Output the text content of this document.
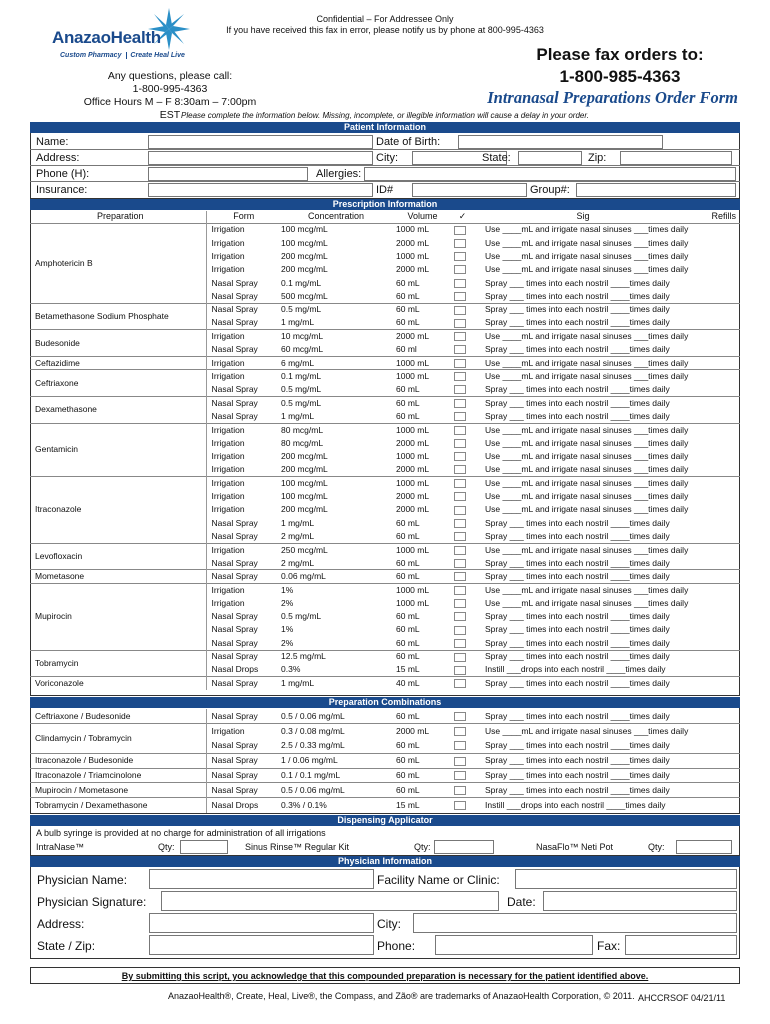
Confidential – For Addressee Only
If you have received this fax in error, please notify us by phone at 800-995-4363
AnazaoHealth
Custom Pharmacy Create Heal Live
Any questions, please call:
1-800-995-4363
Office Hours M – F 8:30am – 7:00pm EST
Please fax orders to:
1-800-985-4363
Intranasal Preparations Order Form
Please complete the information below. Missing, incomplete, or illegible information will cause a delay in your order.
Patient Information
Name:	Date of Birth:
Address:	City:	State:	Zip:
Phone (H):	Allergies:
Insurance:	ID#	Group#:
Prescription Information
Preparation	Form	Concentration	Volume	✓	Sig	Refills
Amphotericin B	Irrigation	100 mcg/mL	1000 mL		Use ____mL and irrigate nasal sinuses ___times daily	
	Irrigation	100 mcg/mL	2000 mL		Use ____mL and irrigate nasal sinuses ___times daily	
	Irrigation	200 mcg/mL	1000 mL		Use ____mL and irrigate nasal sinuses ___times daily	
	Irrigation	200 mcg/mL	2000 mL		Use ____mL and irrigate nasal sinuses ___times daily	
	Nasal Spray	0.1 mg/mL	60 mL		Spray ___ times into each nostril ____times daily	
	Nasal Spray	500 mcg/mL	60 mL		Spray ___ times into each nostril ____times daily	
Betamethasone Sodium Phosphate	Nasal Spray	0.5 mg/mL	60 mL		Spray ___ times into each nostril ____times daily	
	Nasal Spray	1 mg/mL	60 mL		Spray ___ times into each nostril ____times daily	
Budesonide	Irrigation	10 mcg/mL	2000 mL		Use ____mL and irrigate nasal sinuses ___times daily	
	Nasal Spray	60 mcg/mL	60 ml		Spray ___ times into each nostril ____times daily	
Ceftazidime	Irrigation	6 mg/mL	1000 mL		Use ____mL and irrigate nasal sinuses ___times daily	
Ceftriaxone	Irrigation	0.1 mg/mL	1000 mL		Use ____mL and irrigate nasal sinuses ___times daily	
	Nasal Spray	0.5 mg/mL	60 mL		Spray ___ times into each nostril ____times daily	
Dexamethasone	Nasal Spray	0.5 mg/mL	60 mL		Spray ___ times into each nostril ____times daily	
	Nasal Spray	1 mg/mL	60 mL		Spray ___ times into each nostril ____times daily	
Gentamicin	Irrigation	80 mcg/mL	1000 mL		Use ____mL and irrigate nasal sinuses ___times daily	
	Irrigation	80 mcg/mL	2000 mL		Use ____mL and irrigate nasal sinuses ___times daily	
	Irrigation	200 mcg/mL	1000 mL		Use ____mL and irrigate nasal sinuses ___times daily	
	Irrigation	200 mcg/mL	2000 mL		Use ____mL and irrigate nasal sinuses ___times daily	
Itraconazole	Irrigation	100 mcg/mL	1000 mL		Use ____mL and irrigate nasal sinuses ___times daily	
	Irrigation	100 mcg/mL	2000 mL		Use ____mL and irrigate nasal sinuses ___times daily	
	Irrigation	200 mcg/mL	2000 mL		Use ____mL and irrigate nasal sinuses ___times daily	
	Nasal Spray	1 mg/mL	60 mL		Spray ___ times into each nostril ____times daily	
	Nasal Spray	2 mg/mL	60 mL		Spray ___ times into each nostril ____times daily	
Levofloxacin	Irrigation	250 mcg/mL	1000 mL		Use ____mL and irrigate nasal sinuses ___times daily	
	Nasal Spray	2 mg/mL	60 mL		Spray ___ times into each nostril ____times daily	
Mometasone	Nasal Spray	0.06 mg/mL	60 mL		Spray ___ times into each nostril ____times daily	
Mupirocin	Irrigation	1%	1000 mL		Use ____mL and irrigate nasal sinuses ___times daily	
	Irrigation	2%	1000 mL		Use ____mL and irrigate nasal sinuses ___times daily	
	Nasal Spray	0.5 mg/mL	60 mL		Spray ___ times into each nostril ____times daily	
	Nasal Spray	1%	60 mL		Spray ___ times into each nostril ____times daily	
	Nasal Spray	2%	60 mL		Spray ___ times into each nostril ____times daily	
Tobramycin	Nasal Spray	12.5 mg/mL	60 mL		Spray ___ times into each nostril ____times daily	
	Nasal Drops	0.3%	15 mL		Instill ___drops into each nostril ____times daily	
Voriconazole	Nasal Spray	1 mg/mL	40 mL		Spray ___ times into each nostril ____times daily	
Preparation Combinations
Ceftriaxone / Budesonide	Nasal Spray	0.5 / 0.06 mg/mL	60 mL		Spray ___ times into each nostril ____times daily	
Clindamycin / Tobramycin	Irrigation	0.3 / 0.08 mg/mL	2000 mL		Use ____mL and irrigate nasal sinuses ___times daily	
	Nasal Spray	2.5 / 0.33 mg/mL	60 mL		Spray ___ times into each nostril ____times daily	
Itraconazole / Budesonide	Nasal Spray	1 / 0.06 mg/mL	60 mL		Spray ___ times into each nostril ____times daily	
Itraconazole / Triamcinolone	Nasal Spray	0.1 / 0.1 mg/mL	60 mL		Spray ___ times into each nostril ____times daily	
Mupirocin / Mometasone	Nasal Spray	0.5 / 0.06 mg/mL	60 mL		Spray ___ times into each nostril ____times daily	
Tobramycin / Dexamethasone	Nasal Drops	0.3% / 0.1%	15 mL		Instill ___drops into each nostril ____times daily	
Dispensing Applicator
A bulb syringe is provided at no charge for administration of all irrigations
IntraNase™	Qty:	Sinus Rinse™ Regular Kit	Qty:	NasaFlo™ Neti Pot	Qty:
Physician Information
Physician Name:	Facility Name or Clinic:
Physician Signature:	Date:
Address:	City:
State / Zip:	Phone:	Fax:
By submitting this script, you acknowledge that this compounded preparation is necessary for the patient identified above.
AnazaoHealth®, Create, Heal, Live®, the Compass, and Zão® are trademarks of AnazaoHealth Corporation, © 2011. AHCCRSOF 04/21/11
